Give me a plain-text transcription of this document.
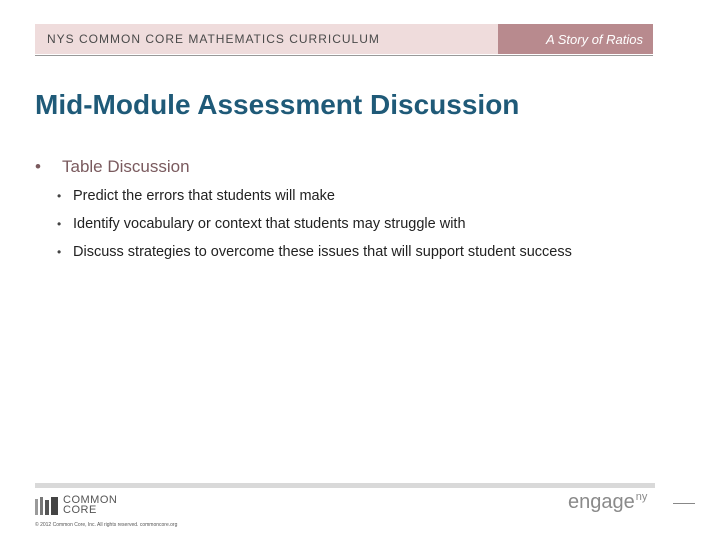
NYS COMMON CORE MATHEMATICS CURRICULUM	A Story of Ratios
Mid-Module Assessment Discussion
• Table Discussion
• Predict the errors that students will make
• Identify vocabulary or context that students may struggle with
• Discuss strategies to overcome these issues that will support student success
COMMON
CORE
© 2012 Common Core, Inc. All rights reserved. commoncore.org
engage$^{ny}$
